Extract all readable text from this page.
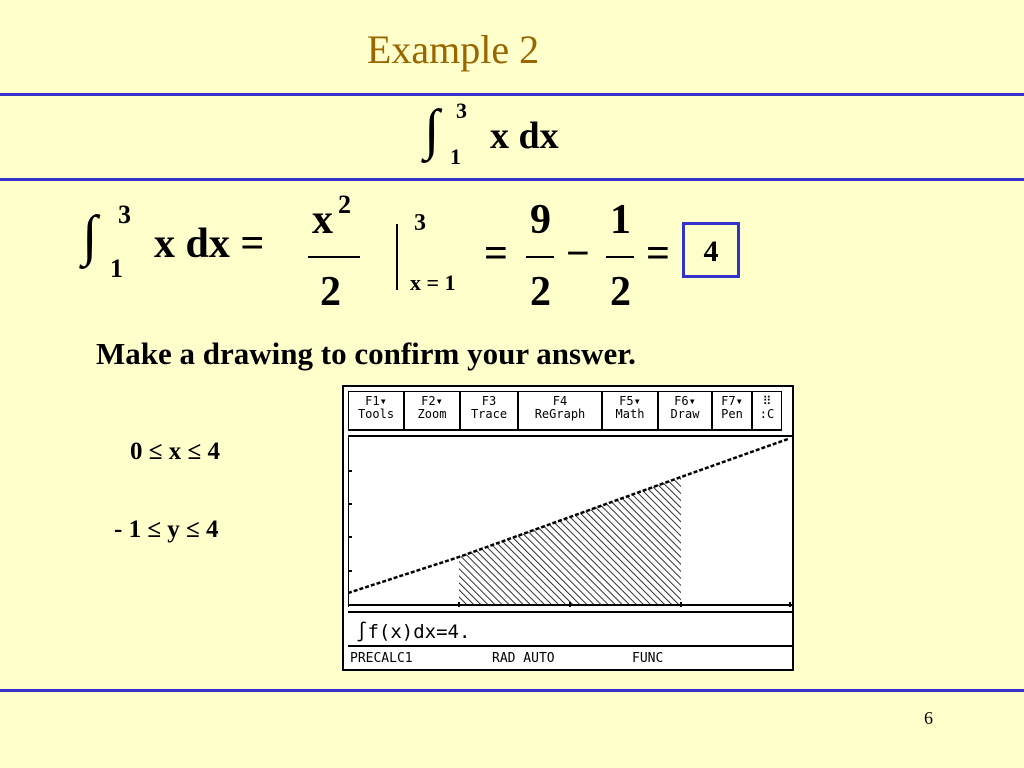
Example 2
∫ 3
1 x dx
∫ 3
1
x dx =
x 2
2
3
x = 1
=
9
2
−
1
2
=	4
Make a drawing to confirm your answer.
0 ≤ x ≤ 4
- 1 ≤ y ≤ 4
F1▾
Tools
F2▾
Zoom
F3
Trace
F4
ReGraph
F5▾
Math
F6▾
Draw
F7▾
Pen
⠿
:C
∫f(x)dx=4.
PRECALC1	RAD AUTO	FUNC
6
